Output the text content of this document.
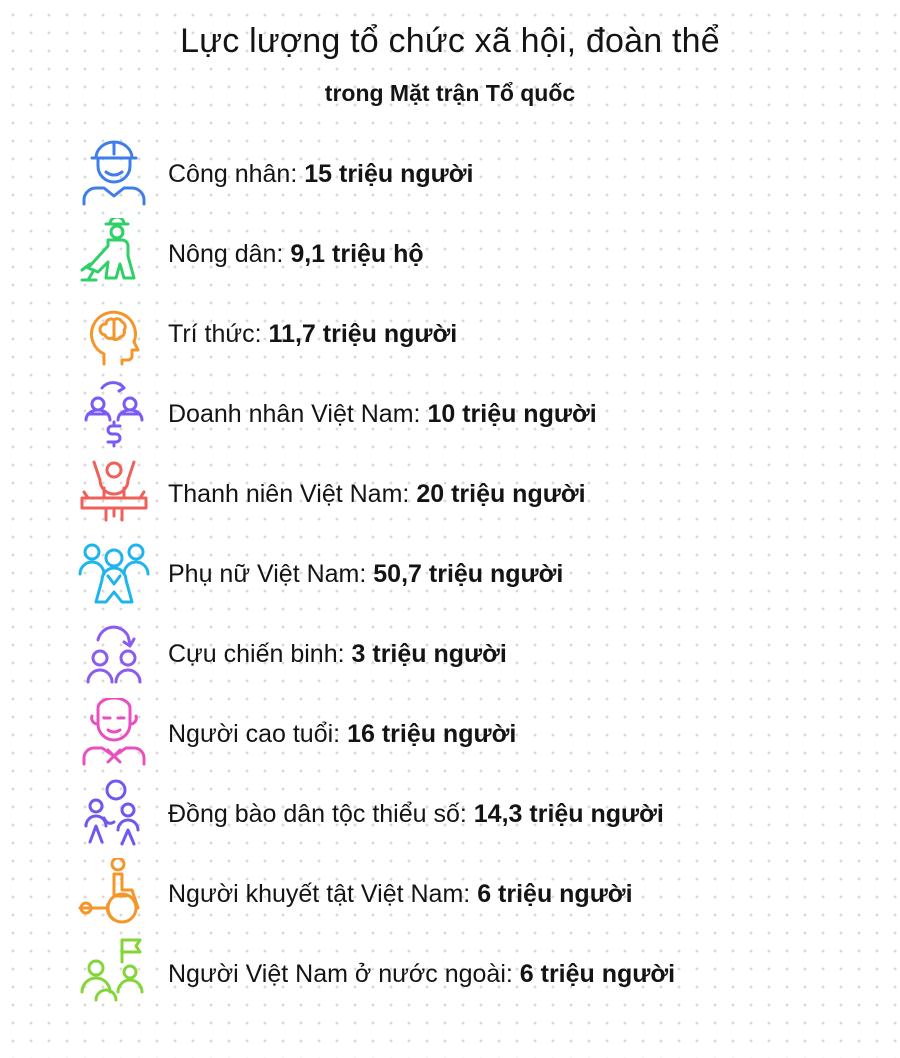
Lực lượng tổ chức xã hội, đoàn thể
trong Mặt trận Tổ quốc
Công nhân: 15 triệu người
Nông dân: 9,1 triệu hộ
Trí thức: 11,7 triệu người
Doanh nhân Việt Nam: 10 triệu người
Thanh niên Việt Nam: 20 triệu người
Phụ nữ Việt Nam: 50,7 triệu người
Cựu chiến binh: 3 triệu người
Người cao tuổi: 16 triệu người
Đồng bào dân tộc thiểu số: 14,3 triệu người
Người khuyết tật Việt Nam: 6 triệu người
Người Việt Nam ở nước ngoài: 6 triệu người
